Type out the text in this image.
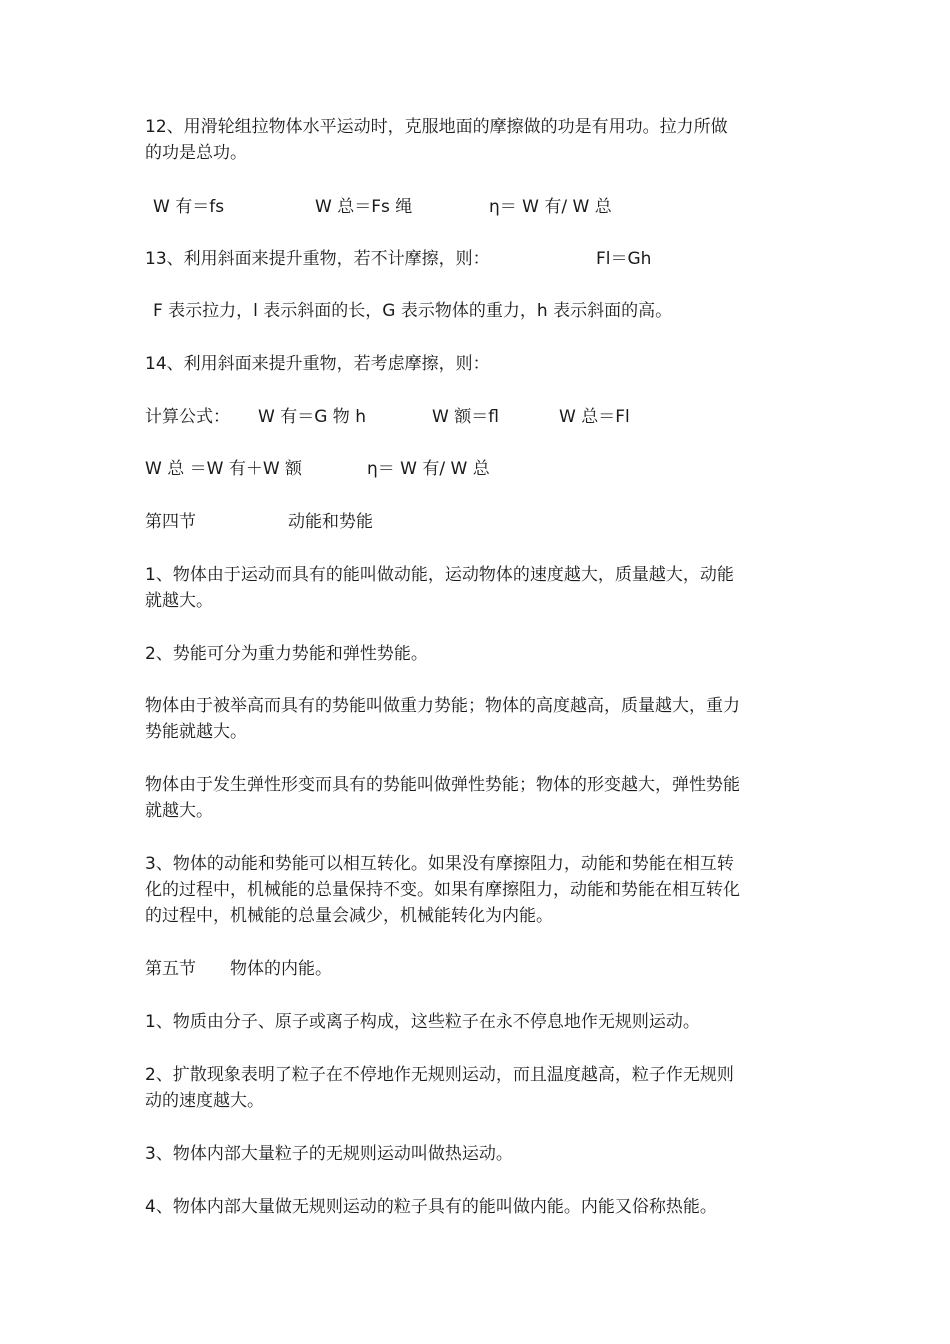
12、用滑轮组拉物体水平运动时，克服地面的摩擦做的功是有用功。拉力所做
的功是总功。
W 有＝fs	W 总＝Fs 绳	η＝ W 有/ W 总
13、利用斜面来提升重物，若不计摩擦，则：	Fl＝Gh
F 表示拉力，l 表示斜面的长，G 表示物体的重力，h 表示斜面的高。
14、利用斜面来提升重物，若考虑摩擦，则：
计算公式： W 有＝G 物 h	W 额＝fl	W 总＝Fl
W 总 ＝W 有＋W 额	η＝ W 有/ W 总
第四节	动能和势能
1、物体由于运动而具有的能叫做动能，运动物体的速度越大，质量越大，动能
就越大。
2、势能可分为重力势能和弹性势能。
物体由于被举高而具有的势能叫做重力势能；物体的高度越高，质量越大，重力
势能就越大。
物体由于发生弹性形变而具有的势能叫做弹性势能；物体的形变越大，弹性势能
就越大。
3、物体的动能和势能可以相互转化。如果没有摩擦阻力，动能和势能在相互转
化的过程中，机械能的总量保持不变。如果有摩擦阻力，动能和势能在相互转化
的过程中，机械能的总量会减少，机械能转化为内能。
第五节 物体的内能。
1、物质由分子、原子或离子构成，这些粒子在永不停息地作无规则运动。
2、扩散现象表明了粒子在不停地作无规则运动，而且温度越高，粒子作无规则
动的速度越大。
3、物体内部大量粒子的无规则运动叫做热运动。
4、物体内部大量做无规则运动的粒子具有的能叫做内能。内能又俗称热能。
